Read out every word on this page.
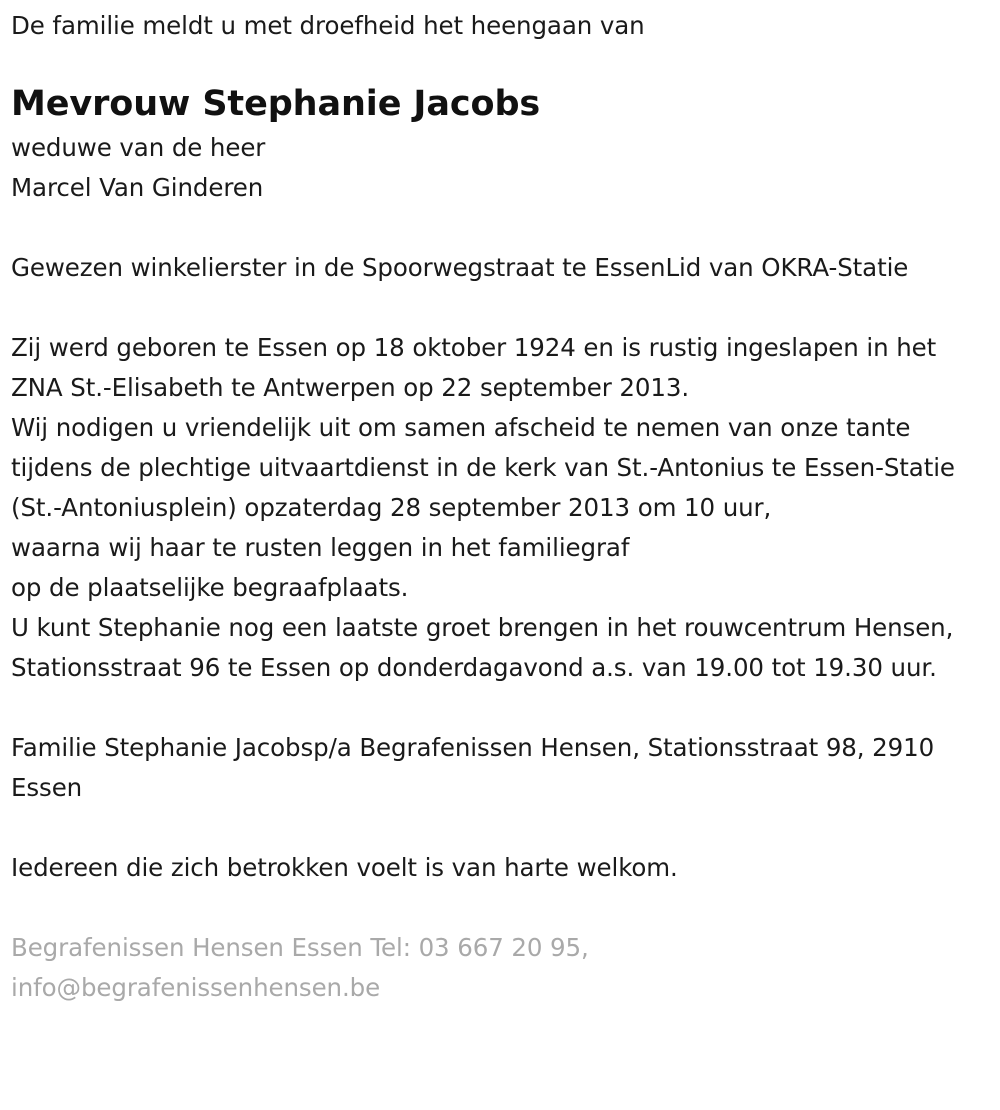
De familie meldt u met droefheid het heengaan van

Mevrouw Stephanie Jacobs

weduwe van de heer

Marcel Van Ginderen

Gewezen winkelierster in de Spoorwegstraat te EssenLid van OKRA-Statie

Zij werd geboren te Essen op 18 oktober 1924 en is rustig ingeslapen in het ZNA St.-Elisabeth te Antwerpen op 22 september 2013.

Wij nodigen u vriendelijk uit om samen afscheid te nemen van onze tante tijdens de plechtige uitvaartdienst in de kerk van St.-Antonius te Essen-Statie (St.-Antoniusplein) opzaterdag 28 september 2013 om 10 uur,

waarna wij haar te rusten leggen in het familiegraf

op de plaatselijke begraafplaats.

U kunt Stephanie nog een laatste groet brengen in het rouwcentrum Hensen, Stationsstraat 96 te Essen op donderdagavond a.s. van 19.00 tot 19.30 uur.

Familie Stephanie Jacobsp/a Begrafenissen Hensen, Stationsstraat 98, 2910 Essen

Iedereen die zich betrokken voelt is van harte welkom.

Begrafenissen Hensen Essen Tel: 03 667 20 95,

info@begrafenissenhensen.be
